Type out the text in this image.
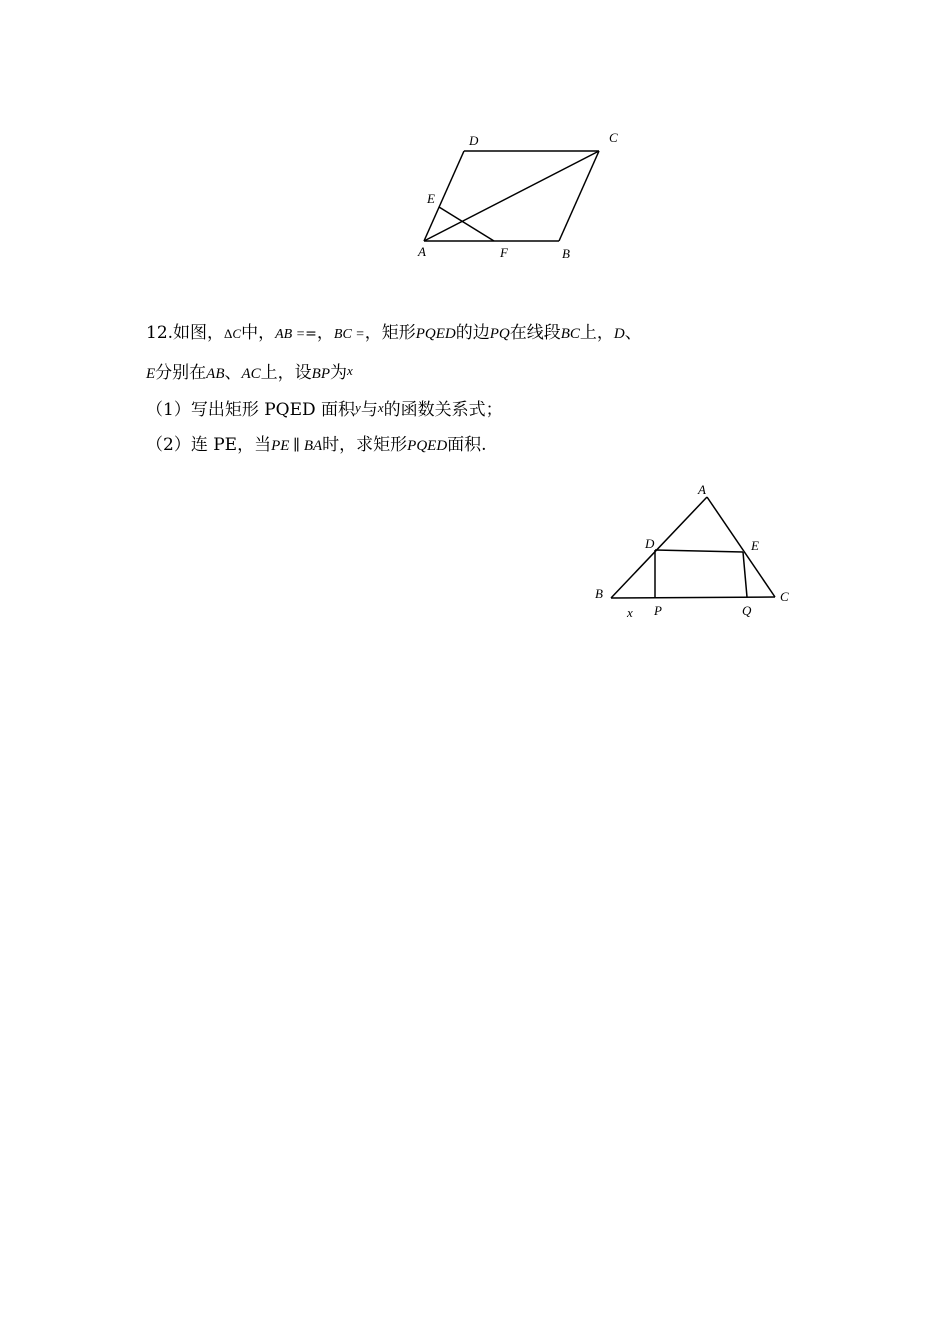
D	C
E
A	F	B
12.如图，ΔC中，AB ==，BC =，矩形PQED的边PQ在线段BC上，D、
E分别在AB、AC上，设BP为x
（1）写出矩形 PQED 面积y与x的函数关系式；
（2）连 PE，当PE ∥ BA时，求矩形PQED面积.
A
D	E
B	C
x P	Q
